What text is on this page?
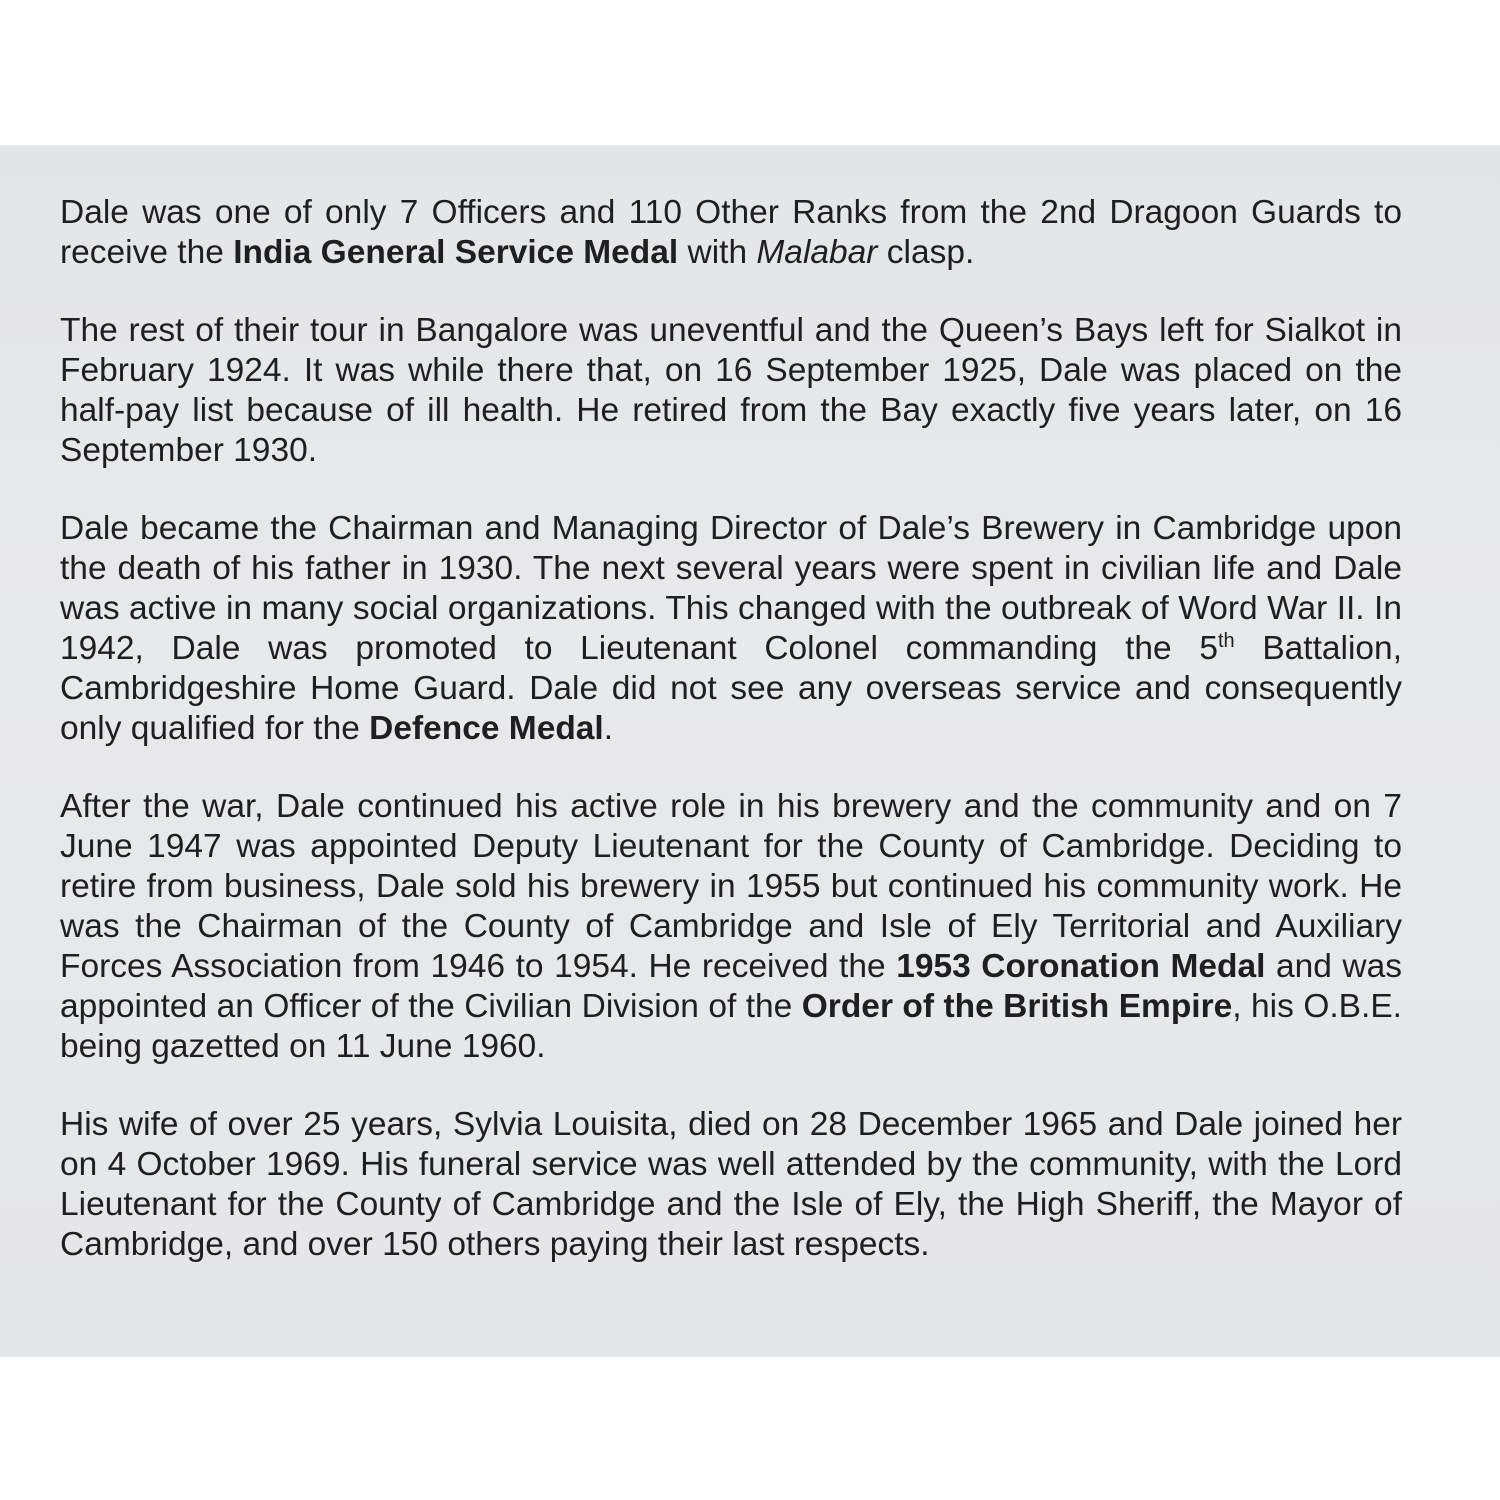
Dale was one of only 7 Officers and 110 Other Ranks from the 2nd Dragoon Guards to receive the India General Service Medal with Malabar clasp.

The rest of their tour in Bangalore was uneventful and the Queen’s Bays left for Sialkot in February 1924. It was while there that, on 16 September 1925, Dale was placed on the half-pay list because of ill health. He retired from the Bay exactly five years later, on 16 September 1930.

Dale became the Chairman and Managing Director of Dale’s Brewery in Cambridge upon the death of his father in 1930. The next several years were spent in civilian life and Dale was active in many social organizations. This changed with the outbreak of Word War II. In 1942, Dale was promoted to Lieutenant Colonel commanding the 5th Battalion, Cambridgeshire Home Guard. Dale did not see any overseas service and consequently only qualified for the Defence Medal.

After the war, Dale continued his active role in his brewery and the community and on 7 June 1947 was appointed Deputy Lieutenant for the County of Cambridge. Deciding to retire from business, Dale sold his brewery in 1955 but continued his community work. He was the Chairman of the County of Cambridge and Isle of Ely Territorial and Auxiliary Forces Association from 1946 to 1954. He received the 1953 Coronation Medal and was appointed an Officer of the Civilian Division of the Order of the British Empire, his O.B.E. being gazetted on 11 June 1960.

His wife of over 25 years, Sylvia Louisita, died on 28 December 1965 and Dale joined her on 4 October 1969. His funeral service was well attended by the community, with the Lord Lieutenant for the County of Cambridge and the Isle of Ely, the High Sheriff, the Mayor of Cambridge, and over 150 others paying their last respects.
